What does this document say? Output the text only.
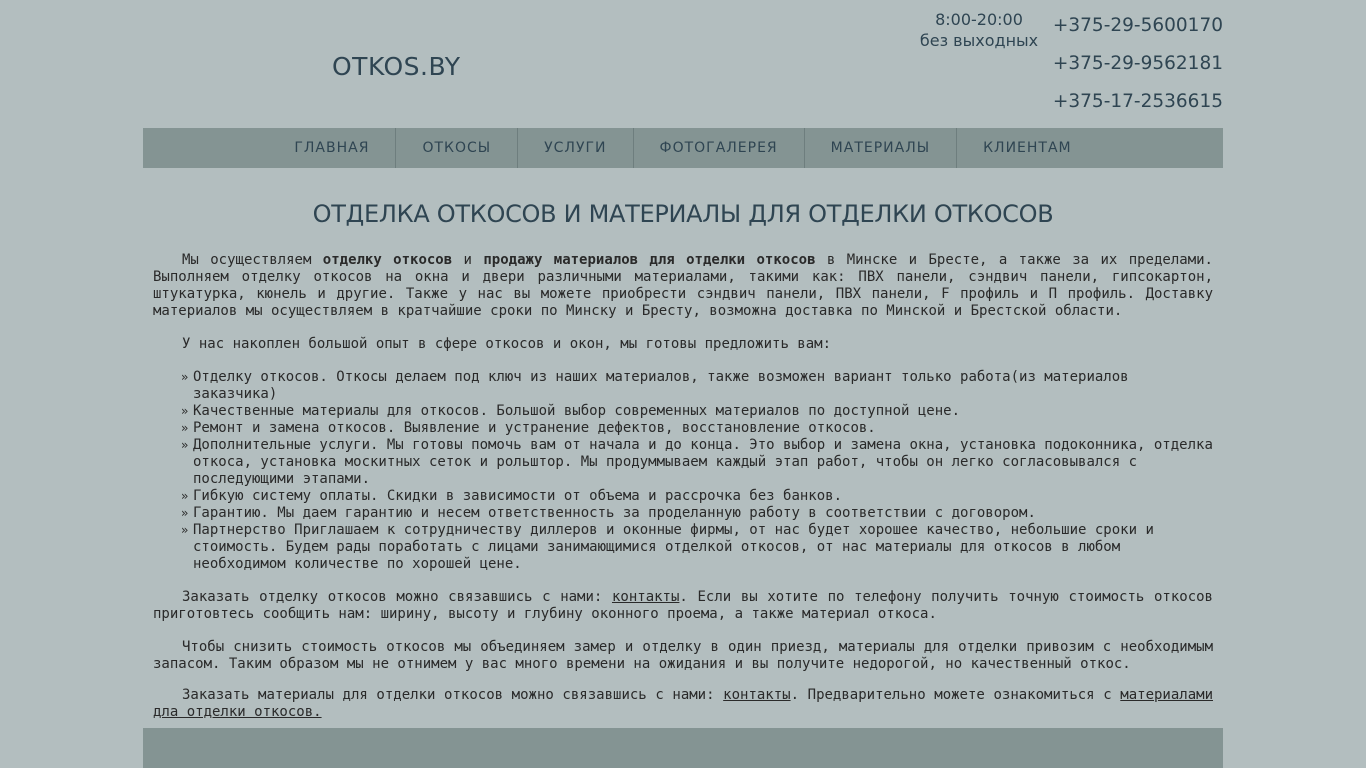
OTKOS.BY
8:00-20:00
без выходных
+375-29-5600170
+375-29-9562181
+375-17-2536615
ГЛАВНАЯ	ОТКОСЫ	УСЛУГИ	ФОТОГАЛЕРЕЯ	МАТЕРИАЛЫ	КЛИЕНТАМ
ОТДЕЛКА ОТКОСОВ И МАТЕРИАЛЫ ДЛЯ ОТДЕЛКИ ОТКОСОВ

Мы осуществляем отделку откосов и продажу материалов для отделки откосов в Минске и Бресте, а также за их пределами. Выполняем отделку откосов на окна и двери различными материалами, такими как: ПВХ панели, сэндвич панели, гипсокартон, штукатурка, кюнель и другие. Также у нас вы можете приобрести сэндвич панели, ПВХ панели, F профиль и П профиль. Доставку материалов мы осуществляем в кратчайшие сроки по Минску и Бресту, возможна доставка по Минской и Брестской области.

У нас накоплен большой опыт в сфере откосов и окон, мы готовы предложить вам:

» Отделку откосов. Откосы делаем под ключ из наших материалов, также возможен вариант только работа(из материалов заказчика)
» Качественные материалы для откосов. Большой выбор современных материалов по доступной цене.
» Ремонт и замена откосов. Выявление и устранение дефектов, восстановление откосов.
» Дополнительные услуги. Мы готовы помочь вам от начала и до конца. Это выбор и замена окна, установка подоконника, отделка откоса, установка москитных сеток и рольштор. Мы продуммываем каждый этап работ, чтобы он легко согласовывался с последующими этапами.
» Гибкую систему оплаты. Скидки в зависимости от объема и рассрочка без банков.
» Гарантию. Мы даем гарантию и несем ответственность за проделанную работу в соответствии с договором.
» Партнерство Приглашаем к сотрудничеству диллеров и оконные фирмы, от нас будет хорошее качество, небольшие сроки и стоимость. Будем рады поработать с лицами занимающимися отделкой откосов, от нас материалы для откосов в любом необходимом количестве по хорошей цене.

Заказать отделку откосов можно связавшись с нами: контакты. Если вы хотите по телефону получить точную стоимость откосов приготовтесь сообщить нам: ширину, высоту и глубину оконного проема, а также материал откоса.

Чтобы снизить стоимость откосов мы объединяем замер и отделку в один приезд, материалы для отделки привозим с необходимым запасом. Таким образом мы не отнимем у вас много времени на ожидания и вы получите недорогой, но качественный откос.

Заказать материалы для отделки откосов можно связавшись с нами: контакты. Предварительно можете ознакомиться с материалами дла отделки откосов.
